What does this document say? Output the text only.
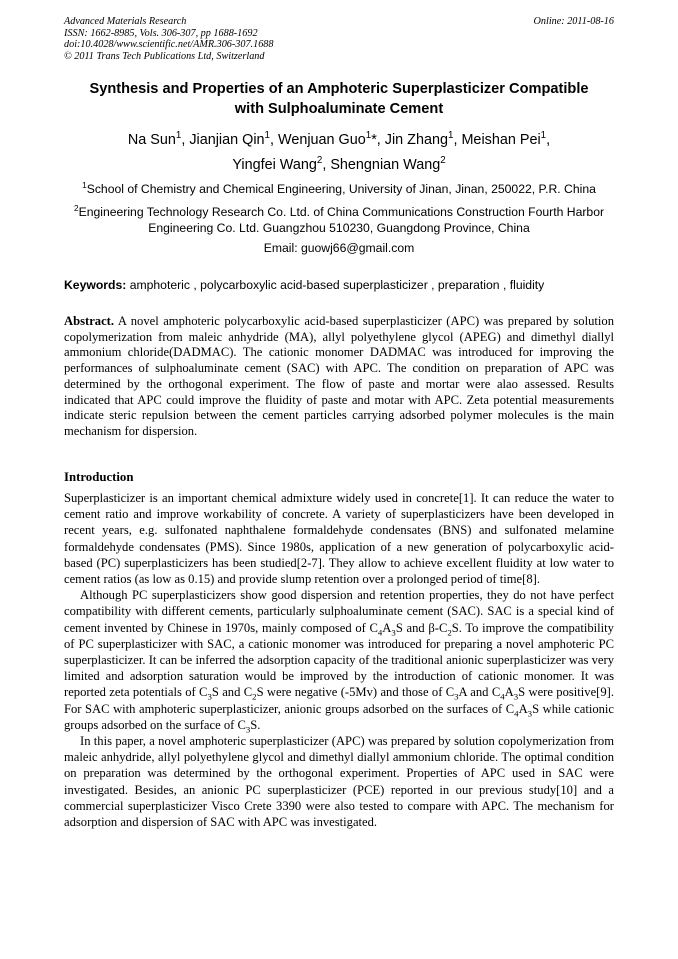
Advanced Materials Research
ISSN: 1662-8985, Vols. 306-307, pp 1688-1692
doi:10.4028/www.scientific.net/AMR.306-307.1688
© 2011 Trans Tech Publications Ltd, Switzerland
Online: 2011-08-16
Synthesis and Properties of an Amphoteric Superplasticizer Compatible
with Sulphoaluminate Cement
Na Sun$^1$, Jianjian Qin$^1$, Wenjuan Guo$^1$*, Jin Zhang$^1$, Meishan Pei$^1$,
Yingfei Wang$^2$, Shengnian Wang$^2$
$^1$School of Chemistry and Chemical Engineering, University of Jinan, Jinan, 250022, P.R. China
$^2$Engineering Technology Research Co. Ltd. of China Communications Construction Fourth Harbor
Engineering Co. Ltd. Guangzhou 510230, Guangdong Province, China
Email: guowj66@gmail.com
Keywords: amphoteric , polycarboxylic acid-based superplasticizer , preparation , fluidity
Abstract. A novel amphoteric polycarboxylic acid-based superplasticizer (APC) was prepared by solution copolymerization from maleic anhydride (MA), allyl polyethylene glycol (APEG) and dimethyl diallyl ammonium chloride(DADMAC). The cationic monomer DADMAC was introduced for improving the performances of sulphoaluminate cement (SAC) with APC. The condition on preparation of APC was determined by the orthogonal experiment. The flow of paste and mortar were alao assessed. Results indicated that APC could improve the fluidity of paste and motar with APC. Zeta potential measurements indicate steric repulsion between the cement particles carrying adsorbed polymer molecules is the main mechanism for dispersion.
Introduction

Superplasticizer is an important chemical admixture widely used in concrete[1]. It can reduce the water to cement ratio and improve workability of concrete. A variety of superplasticizers have been developed in recent years, e.g. sulfonated naphthalene formaldehyde condensates (BNS) and sulfonated melamine formaldehyde condensates (PMS). Since 1980s, application of a new generation of polycarboxylic acid-based (PC) superplasticizers has been studied[2-7]. They allow to achieve excellent fluidity at low water to cement ratios (as low as 0.15) and provide slump retention over a prolonged period of time[8].

Although PC superplasticizers show good dispersion and retention properties, they do not have perfect compatibility with different cements, particularly sulphoaluminate cement (SAC). SAC is a special kind of cement invented by Chinese in 1970s, mainly composed of $C_4A_3S$ and $\beta-C_2S$. To improve the compatibility of PC superplasticizer with SAC, a cationic monomer was introduced for preparing a novel amphoteric PC superplasticizer. It can be inferred the adsorption capacity of the traditional anionic superplasticizer was very limited and adsorption saturation would be improved by the introduction of cationic monomer. It was reported zeta potentials of $C_3S$ and $C_2S$ were negative (-5Mv) and those of $C_3A$ and $C_4A_3S$ were positive[9]. For SAC with amphoteric superplasticizer, anionic groups adsorbed on the surfaces of $C_4A_3S$ while cationic groups adsorbed on the surface of $C_3S$.

In this paper, a novel amphoteric superplasticizer (APC) was prepared by solution copolymerization from maleic anhydride, allyl polyethylene glycol and dimethyl diallyl ammonium chloride. The optimal condition on preparation was determined by the orthogonal experiment. Properties of APC used in SAC were investigated. Besides, an anionic PC superplasticizer (PCE) reported in our previous study[10] and a commercial superplasticizer Visco Crete 3390 were also tested to compare with APC. The mechanism for adsorption and dispersion of SAC with APC was investigated.
